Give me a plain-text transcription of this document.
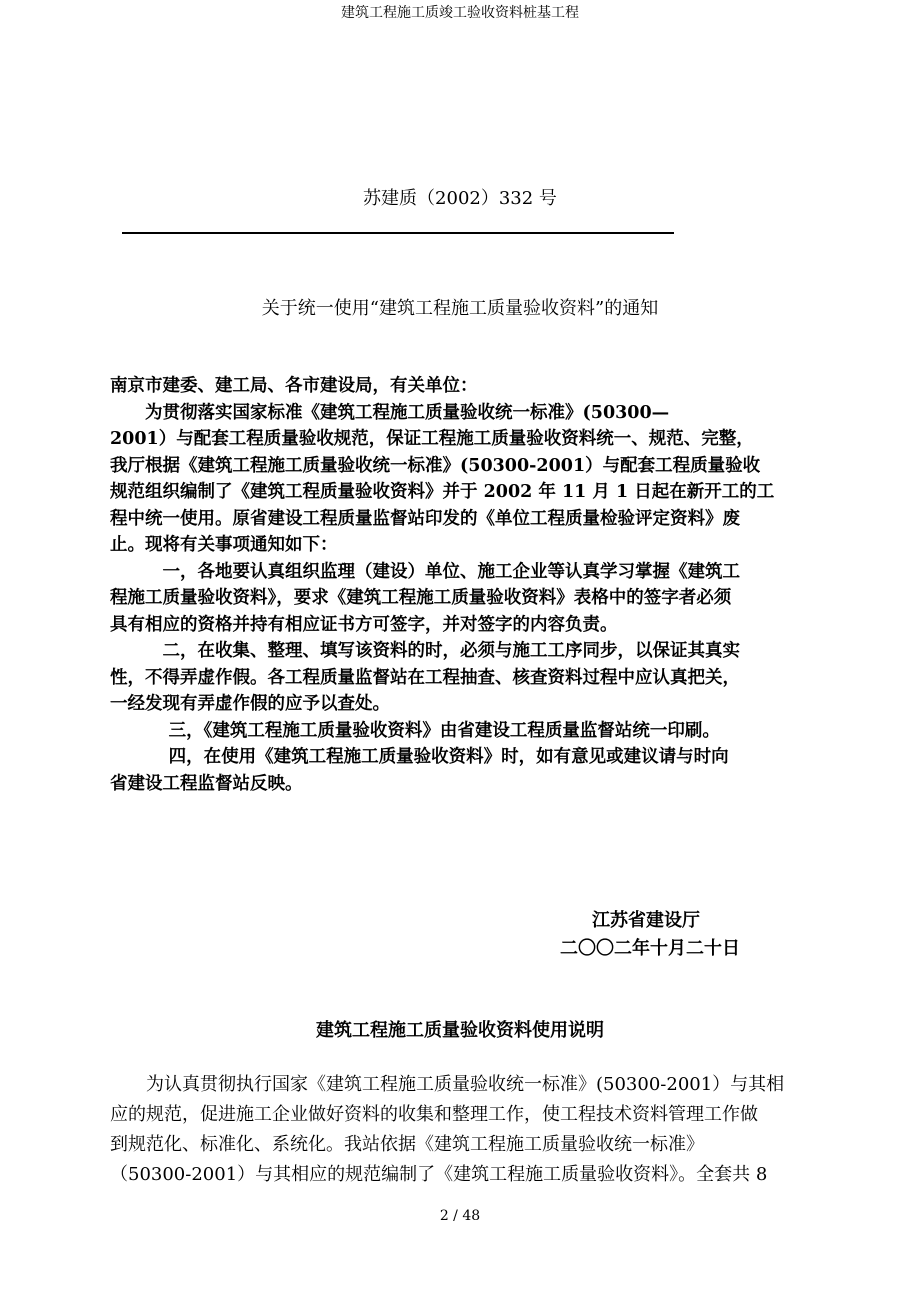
建筑工程施工质竣工验收资料桩基工程
苏建质（2002）332 号
关于统一使用“建筑工程施工质量验收资料”的通知
南京市建委、建工局、各市建设局，有关单位：
　　为贯彻落实国家标准《建筑工程施工质量验收统一标准》(50300—
2001）与配套工程质量验收规范，保证工程施工质量验收资料统一、规范、完整，
我厅根据《建筑工程施工质量验收统一标准》(50300-2001）与配套工程质量验收
规范组织编制了《建筑工程质量验收资料》并于 2002 年 11 月 1 日起在新开工的工
程中统一使用。原省建设工程质量监督站印发的《单位工程质量检验评定资料》废
止。现将有关事项通知如下：
　　　一，各地要认真组织监理（建设）单位、施工企业等认真学习掌握《建筑工
程施工质量验收资料》，要求《建筑工程施工质量验收资料》表格中的签字者必须
具有相应的资格并持有相应证书方可签字，并对签字的内容负责。
　　　二，在收集、整理、填写该资料的时，必须与施工工序同步，以保证其真实
性，不得弄虚作假。各工程质量监督站在工程抽查、核查资料过程中应认真把关，
一经发现有弄虚作假的应予以查处。
　　　 三，《建筑工程施工质量验收资料》由省建设工程质量监督站统一印刷。
　　　 四，在使用《建筑工程施工质量验收资料》时，如有意见或建议请与时向
省建设工程监督站反映。
江苏省建设厅
二〇〇二年十月二十日
建筑工程施工质量验收资料使用说明
　　为认真贯彻执行国家《建筑工程施工质量验收统一标准》(50300-2001）与其相
应的规范，促进施工企业做好资料的收集和整理工作，使工程技术资料管理工作做
到规范化、标准化、系统化。我站依据《建筑工程施工质量验收统一标准》
（50300-2001）与其相应的规范编制了《建筑工程施工质量验收资料》。全套共 8
2 / 48
